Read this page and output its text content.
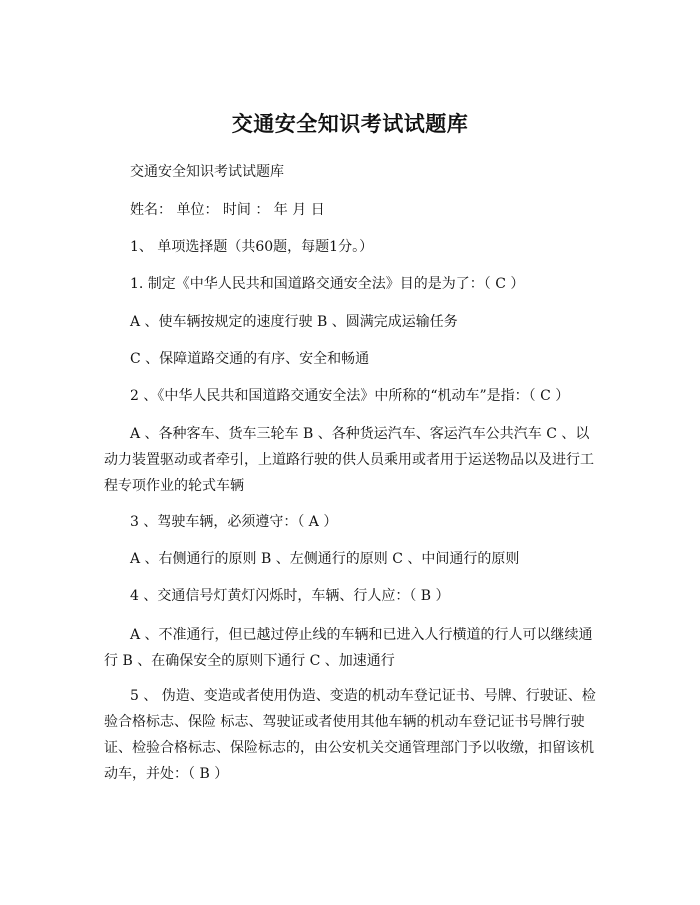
交通安全知识考试试题库
交通安全知识考试试题库
姓名： 单位： 时间 ： 年 月 日
1、 单项选择题（共60题，每题1分。）
1. 制定《中华人民共和国道路交通安全法》目的是为了：（ C ）
A 、使车辆按规定的速度行驶 B 、圆满完成运输任务
C 、保障道路交通的有序、安全和畅通
2 、《中华人民共和国道路交通安全法》中所称的“机动车”是指：（ C ）
A 、各种客车、货车三轮车 B 、各种货运汽车、客运汽车公共汽车 C 、以动力装置驱动或者牵引，上道路行驶的供人员乘用或者用于运送物品以及进行工程专项作业的轮式车辆
3 、驾驶车辆，必须遵守：（ A ）
A 、右侧通行的原则 B 、左侧通行的原则 C 、中间通行的原则
4 、交通信号灯黄灯闪烁时，车辆、行人应：（ B ）
A 、不准通行，但已越过停止线的车辆和已进入人行横道的行人可以继续通行 B 、在确保安全的原则下通行 C 、加速通行
5 、 伪造、变造或者使用伪造、变造的机动车登记证书、号牌、行驶证、检验合格标志、保险 标志、驾驶证或者使用其他车辆的机动车登记证书号牌行驶证、检验合格标志、保险标志的，由公安机关交通管理部门予以收缴，扣留该机动车，并处：（ B ）
